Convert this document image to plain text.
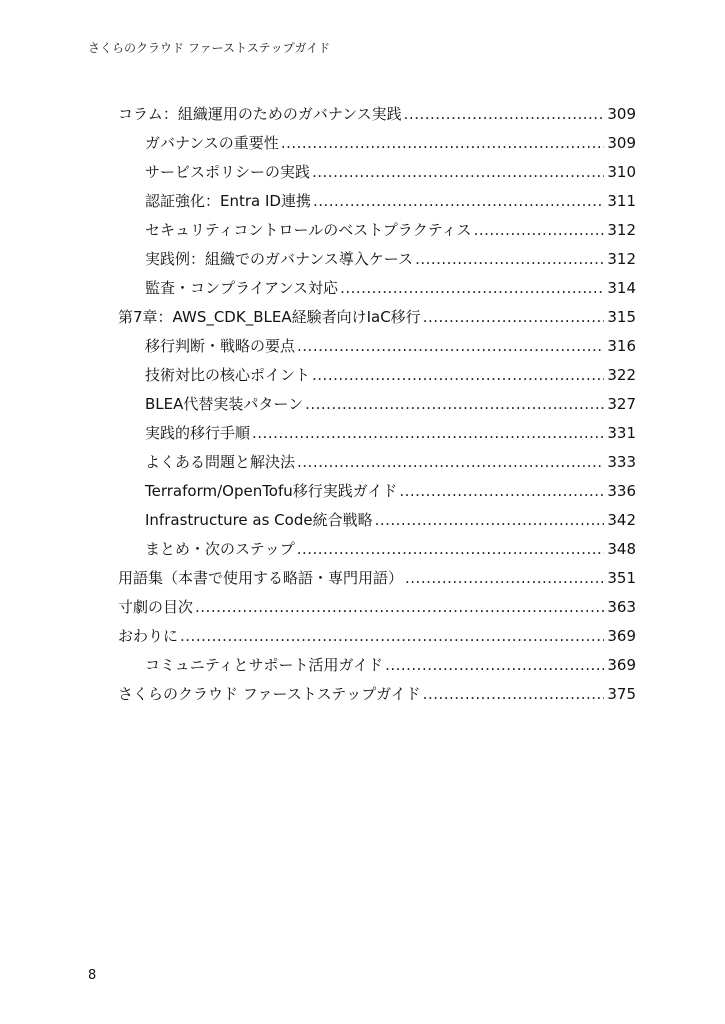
さくらのクラウド ファーストステップガイド
コラム：組織運用のためのガバナンス実践 .....	309
ガバナンスの重要性 .....	309
サービスポリシーの実践 .....	310
認証強化：Entra ID連携 .....	311
セキュリティコントロールのベストプラクティス .....	312
実践例：組織でのガバナンス導入ケース .....	312
監査・コンプライアンス対応 .....	314
第7章：AWS_CDK_BLEA経験者向けIaC移行 .....	315
移行判断・戦略の要点 .....	316
技術対比の核心ポイント .....	322
BLEA代替実装パターン .....	327
実践的移行手順 .....	331
よくある問題と解決法 .....	333
Terraform/OpenTofu移行実践ガイド .....	336
Infrastructure as Code統合戦略 .....	342
まとめ・次のステップ .....	348
用語集（本書で使用する略語・専門用語） .....	351
寸劇の目次 .....	363
おわりに .....	369
コミュニティとサポート活用ガイド .....	369
さくらのクラウド ファーストステップガイド .....	375
8
